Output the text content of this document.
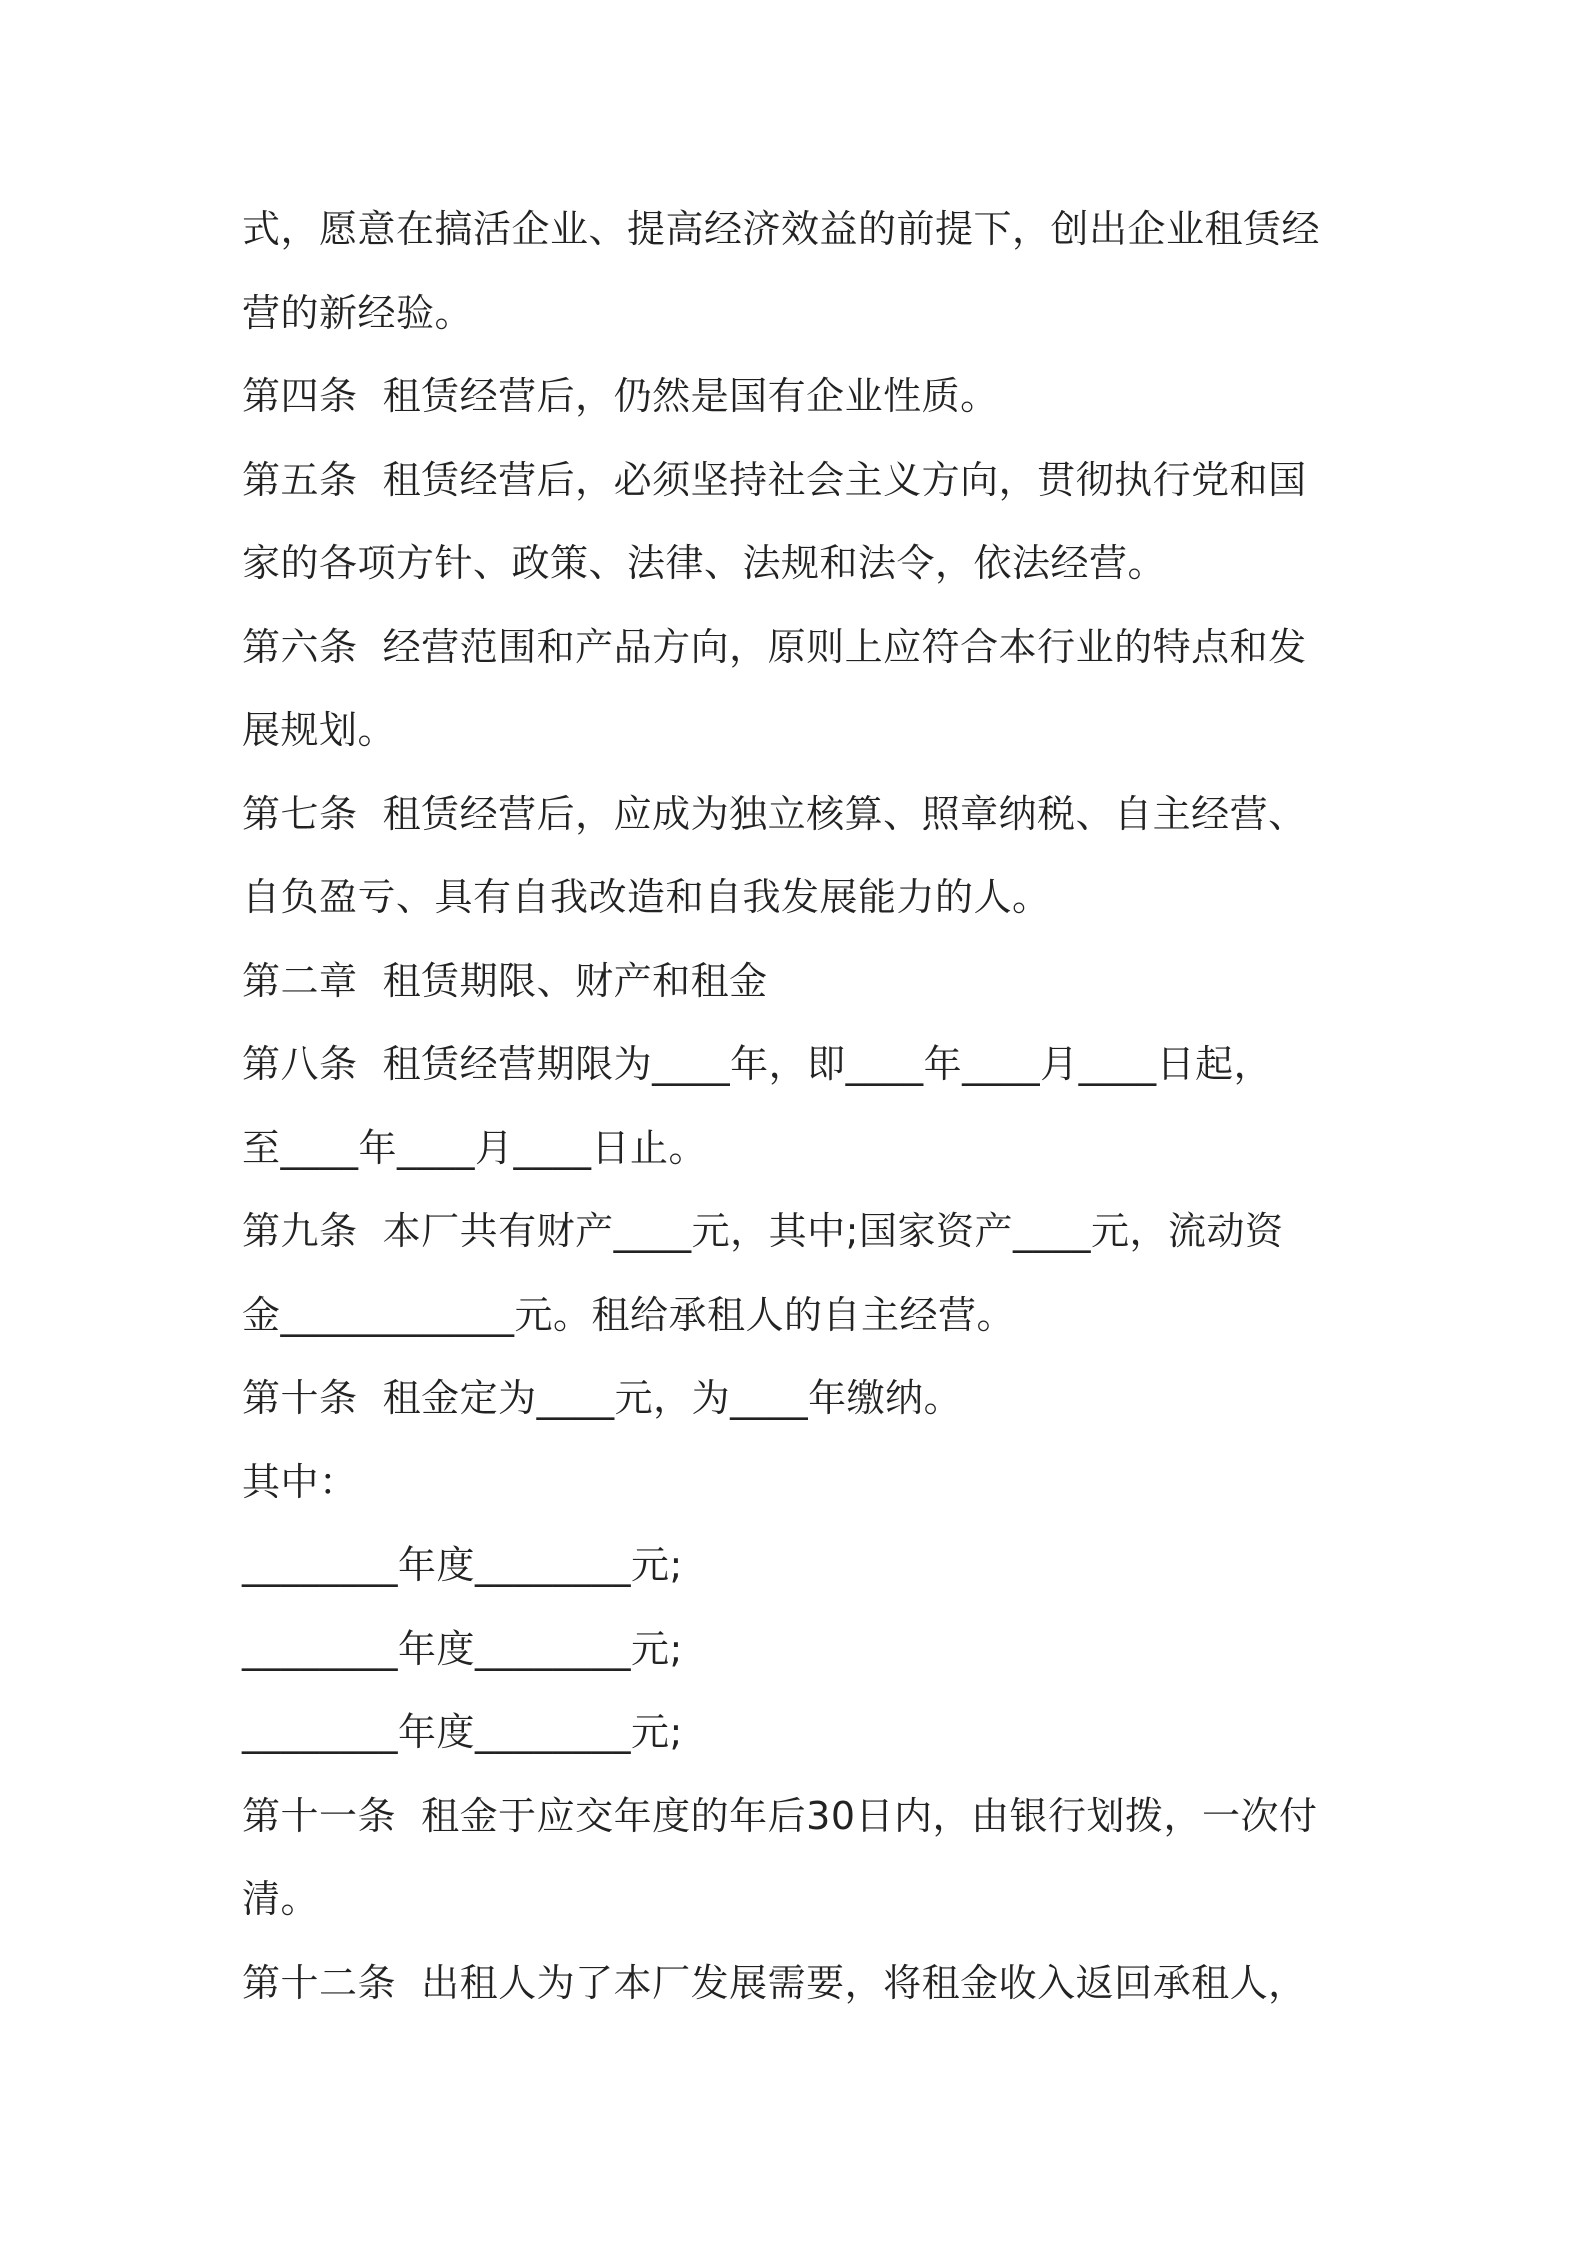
式，愿意在搞活企业、提高经济效益的前提下，创出企业租赁经
营的新经验。
第四条  租赁经营后，仍然是国有企业性质。
第五条  租赁经营后，必须坚持社会主义方向，贯彻执行党和国
家的各项方针、政策、法律、法规和法令，依法经营。
第六条  经营范围和产品方向，原则上应符合本行业的特点和发
展规划。
第七条  租赁经营后，应成为独立核算、照章纳税、自主经营、
自负盈亏、具有自我改造和自我发展能力的人。
第二章  租赁期限、财产和租金
第八条  租赁经营期限为____年，即____年____月____日起，
至____年____月____日止。
第九条  本厂共有财产____元，其中;国家资产____元，流动资
金____________元。租给承租人的自主经营。
第十条  租金定为____元，为____年缴纳。
其中：
________年度________元;
________年度________元;
________年度________元;
第十一条  租金于应交年度的年后30日内，由银行划拨，一次付
清。
第十二条  出租人为了本厂发展需要，将租金收入返回承租人，
